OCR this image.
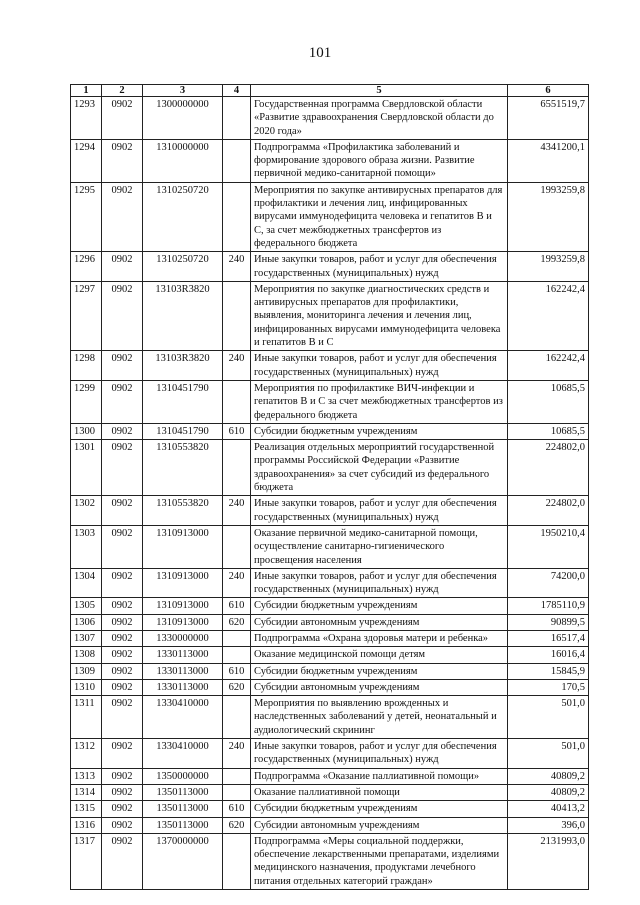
101
1	2	3	4	5	6
1293	0902	1300000000		Государственная программа Свердловской области «Развитие здравоохранения Свердловской области до 2020 года»	6551519,7
1294	0902	1310000000		Подпрограмма «Профилактика заболеваний и формирование здорового образа жизни. Развитие первичной медико-санитарной помощи»	4341200,1
1295	0902	1310250720		Мероприятия по закупке антивирусных препаратов для профилактики и лечения лиц, инфицированных вирусами иммунодефицита человека и гепатитов В и С, за счет межбюджетных трансфертов из федерального бюджета	1993259,8
1296	0902	1310250720	240	Иные закупки товаров, работ и услуг для обеспечения государственных (муниципальных) нужд	1993259,8
1297	0902	13103R3820		Мероприятия по закупке диагностических средств и антивирусных препаратов для профилактики, выявления, мониторинга лечения и лечения лиц, инфицированных вирусами иммунодефицита человека и гепатитов В и С	162242,4
1298	0902	13103R3820	240	Иные закупки товаров, работ и услуг для обеспечения государственных (муниципальных) нужд	162242,4
1299	0902	1310451790		Мероприятия по профилактике ВИЧ-инфекции и гепатитов В и С за счет межбюджетных трансфертов из федерального бюджета	10685,5
1300	0902	1310451790	610	Субсидии бюджетным учреждениям	10685,5
1301	0902	1310553820		Реализация отдельных мероприятий государственной программы Российской Федерации «Развитие здравоохранения» за счет субсидий из федерального бюджета	224802,0
1302	0902	1310553820	240	Иные закупки товаров, работ и услуг для обеспечения государственных (муниципальных) нужд	224802,0
1303	0902	1310913000		Оказание первичной медико-санитарной помощи, осуществление санитарно-гигиенического просвещения населения	1950210,4
1304	0902	1310913000	240	Иные закупки товаров, работ и услуг для обеспечения государственных (муниципальных) нужд	74200,0
1305	0902	1310913000	610	Субсидии бюджетным учреждениям	1785110,9
1306	0902	1310913000	620	Субсидии автономным учреждениям	90899,5
1307	0902	1330000000		Подпрограмма «Охрана здоровья матери и ребенка»	16517,4
1308	0902	1330113000		Оказание медицинской помощи детям	16016,4
1309	0902	1330113000	610	Субсидии бюджетным учреждениям	15845,9
1310	0902	1330113000	620	Субсидии автономным учреждениям	170,5
1311	0902	1330410000		Мероприятия по выявлению врожденных и наследственных заболеваний у детей, неонатальный и аудиологический скрининг	501,0
1312	0902	1330410000	240	Иные закупки товаров, работ и услуг для обеспечения государственных (муниципальных) нужд	501,0
1313	0902	1350000000		Подпрограмма «Оказание паллиативной помощи»	40809,2
1314	0902	1350113000		Оказание паллиативной помощи	40809,2
1315	0902	1350113000	610	Субсидии бюджетным учреждениям	40413,2
1316	0902	1350113000	620	Субсидии автономным учреждениям	396,0
1317	0902	1370000000		Подпрограмма «Меры социальной поддержки, обеспечение лекарственными препаратами, изделиями медицинского назначения, продуктами лечебного питания отдельных категорий граждан»	2131993,0
